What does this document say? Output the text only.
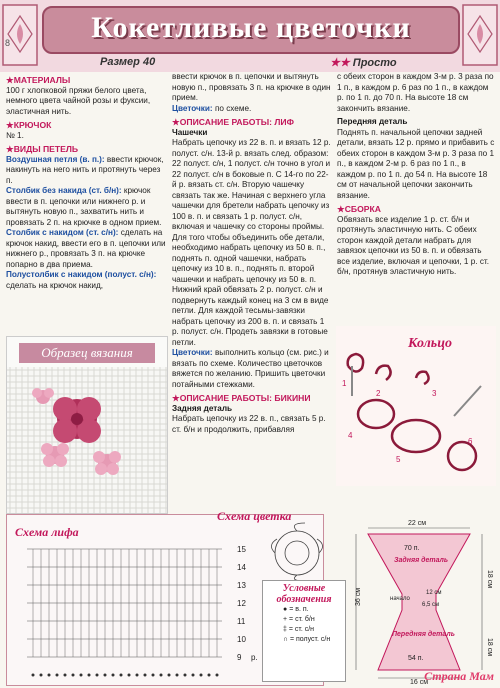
8	Кокетливые цветочки
Размер 40	★★ Просто

★МАТЕРИАЛЫ

100 г хлопковой пряжи белого цвета, немного цвета чайной розы и фуксии, эластичная нить.

★КРЮЧОК

№ 1.

★ВИДЫ ПЕТЕЛЬ

Воздушная петля (в. п.): ввести крючок, накинуть на него нить и протянуть через п.

Столбик без накида (ст. б/н): крючок ввести в п. цепочки или нижнего р. и вытянуть новую п., захватить нить и провязать 2 п. на крючке в одном прием.

Столбик с накидом (ст. с/н): сделать на крючок накид, ввести его в п. цепочки или нижнего р., провязать 3 п. на крючке попарно в два приема.

Полустолбик с накидом (полуст. с/н): сделать на крючок накид,

ввести крючок в п. цепочки и вытянуть новую п., провязать 3 п. на крючке в один прием.

Цветочки: по схеме.

★ОПИСАНИЕ РАБОТЫ: ЛИФ

Чашечки

Набрать цепочку из 22 в. п. и вязать 12 р. полуст. с/н. 13-й р. вязать след. образом: 22 полуст. с/н, 1 полуст. с/н точно в угол и 22 полуст. с/н в боковые п. С 14-го по 22-й р. вязать ст. с/н. Вторую чашечку связать так же. Начиная с верхнего угла чашечки для бретели набрать цепочку из 100 в. п. и связать 1 р. полуст. с/н, включая и чашечку со стороны проймы. Для того чтобы объединить обе детали, необходимо набрать цепочку из 50 в. п., поднять п. одной чашечки, набрать цепочку из 10 в. п., поднять п. второй чашечки и набрать цепочку из 50 в. п. Нижний край обвязать 2 р. полуст. с/н и подвернуть каждый конец на 3 см в виде петли. Для каждой тесьмы-завязки набрать цепочку из 200 в. п. и связать 1 р. полуст. с/н. Продеть завязки в готовые петли.

Цветочки: выполнить кольцо (см. рис.) и вязать по схеме. Количество цветочков вяжется по желанию. Пришить цветочки потайными стежками.

★ОПИСАНИЕ РАБОТЫ: БИКИНИ

Задняя деталь

Набрать цепочку из 22 в. п., связать 5 р. ст. б/н и продолжить, прибавляя

с обеих сторон в каждом 3-м р. 3 раза по 1 п., в каждом р. 6 раз по 1 п., в каждом р. по 1 п. до 70 п. На высоте 18 см закончить вязание.

Передняя деталь

Поднять п. начальной цепочки задней детали, вязать 12 р. прямо и прибавить с обеих сторон в каждом 3-м р. 3 раза по 1 п., в каждом 2-м р. 6 раз по 1 п., в каждом р. по 1 п. до 54 п. На высоте 18 см от начальной цепочки закончить вязание.

★СБОРКА

Обвязать все изделие 1 р. ст. б/н и протянуть эластичную нить. С обеих сторон каждой детали набрать для завязок цепочки из 50 в. п. и обвязать все изделие, включая и цепочки, 1 р. ст. б/н, протянув эластичную нить.

Образец вязания
Кольцо
1
2	3
4
5
6
Схема лифа
Схема цветка
15
14
13
12
11
10
9 р.
Условные обозначения
● = в. п.
+ = ст. б/н
‡ = ст. с/н
∩ = полуст. с/н
22 см
70 п.
Задняя деталь
начало
12 см
6,5 см
Передняя деталь
54 п.
16 см
36 см
18 см
18 см
Страна Мам
